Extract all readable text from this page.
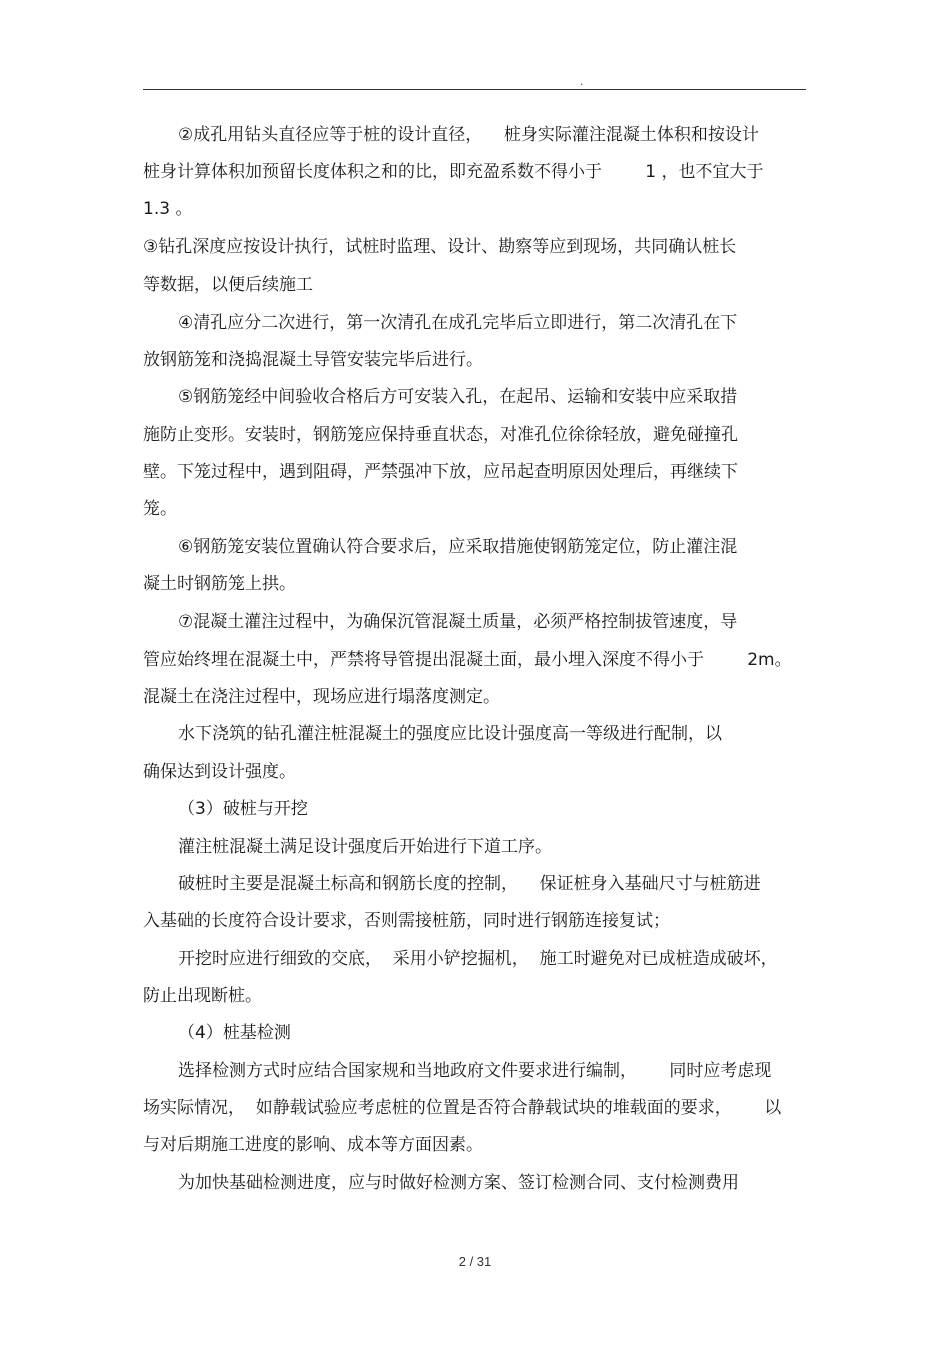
.
②成孔用钻头直径应等于桩的设计直径，    桩身实际灌注混凝土体积和按设计
桩身计算体积加预留长度体积之和的比，即充盈系数不得小于        1 ，也不宜大于
1.3 。
③钻孔深度应按设计执行，试桩时监理、设计、勘察等应到现场，共同确认桩长
等数据，以便后续施工
④清孔应分二次进行，第一次清孔在成孔完毕后立即进行，第二次清孔在下
放钢筋笼和浇捣混凝土导管安装完毕后进行。
⑤钢筋笼经中间验收合格后方可安装入孔，在起吊、运输和安装中应采取措
施防止变形。安装时，钢筋笼应保持垂直状态，对准孔位徐徐轻放，避免碰撞孔
壁。下笼过程中，遇到阻碍，严禁强冲下放，应吊起查明原因处理后，再继续下
笼。
⑥钢筋笼安装位置确认符合要求后，应采取措施使钢筋笼定位，防止灌注混
凝土时钢筋笼上拱。
⑦混凝土灌注过程中，为确保沉管混凝土质量，必须严格控制拔管速度，导
管应始终埋在混凝土中，严禁将导管提出混凝土面，最小埋入深度不得小于        2m。
混凝土在浇注过程中，现场应进行塌落度测定。
水下浇筑的钻孔灌注桩混凝土的强度应比设计强度高一等级进行配制，以
确保达到设计强度。
（3）破桩与开挖
灌注桩混凝土满足设计强度后开始进行下道工序。
破桩时主要是混凝土标高和钢筋长度的控制，    保证桩身入基础尺寸与桩筋进
入基础的长度符合设计要求，否则需接桩筋，同时进行钢筋连接复试；
开挖时应进行细致的交底，  采用小铲挖掘机，  施工时避免对已成桩造成破坏，
防止出现断桩。
（4）桩基检测
选择检测方式时应结合国家规和当地政府文件要求进行编制，      同时应考虑现
场实际情况，  如静载试验应考虑桩的位置是否符合静载试块的堆载面的要求，      以
与对后期施工进度的影响、成本等方面因素。
为加快基础检测进度，应与时做好检测方案、签订检测合同、支付检测费用
2 / 31
